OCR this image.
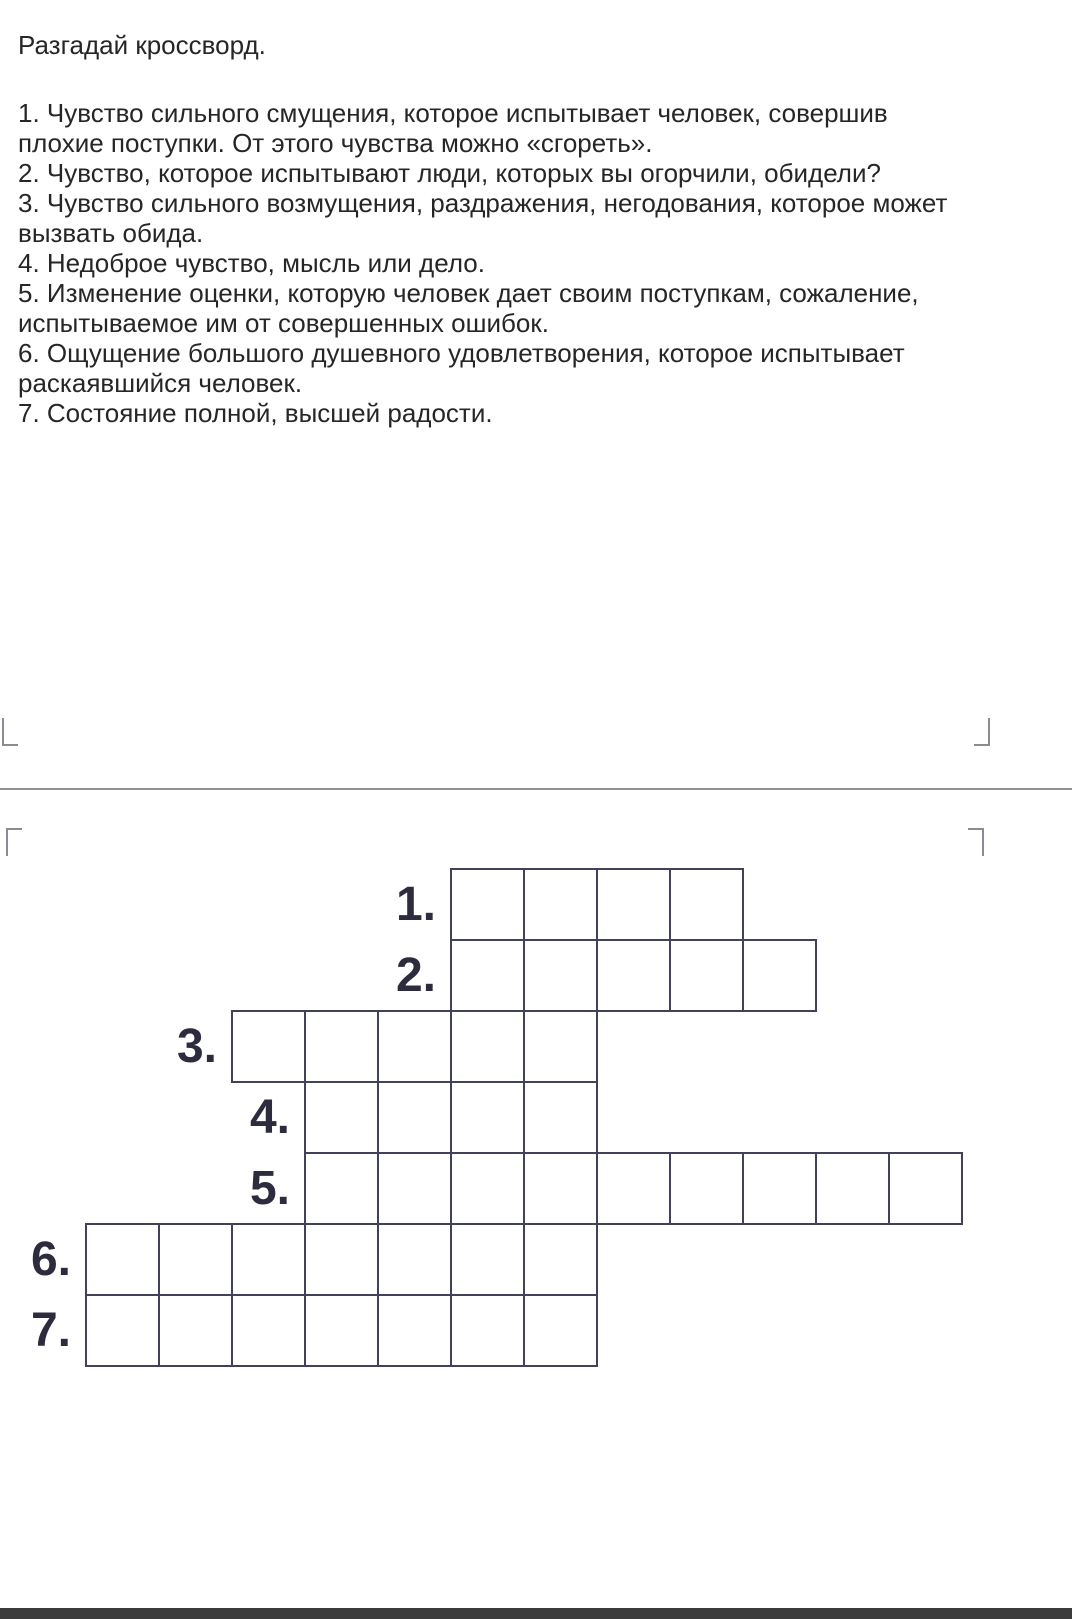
Разгадай кроссворд.

1. Чувство сильного смущения, которое испытывает человек, совершив плохие поступки. От этого чувства можно «сгореть».

2. Чувство, которое испытывают люди, которых вы огорчили, обидели?

3. Чувство сильного возмущения, раздражения, негодования, которое может вызвать обида.

4. Недоброе чувство, мысль или дело.

5. Изменение оценки, которую человек дает своим поступкам, сожаление, испытываемое им от совершенных ошибок.

6. Ощущение большого душевного удовлетворения, которое испытывает раскаявшийся человек.

7. Состояние полной, высшей радости.

1.
2.
3.
4.
5.
6.
7.
